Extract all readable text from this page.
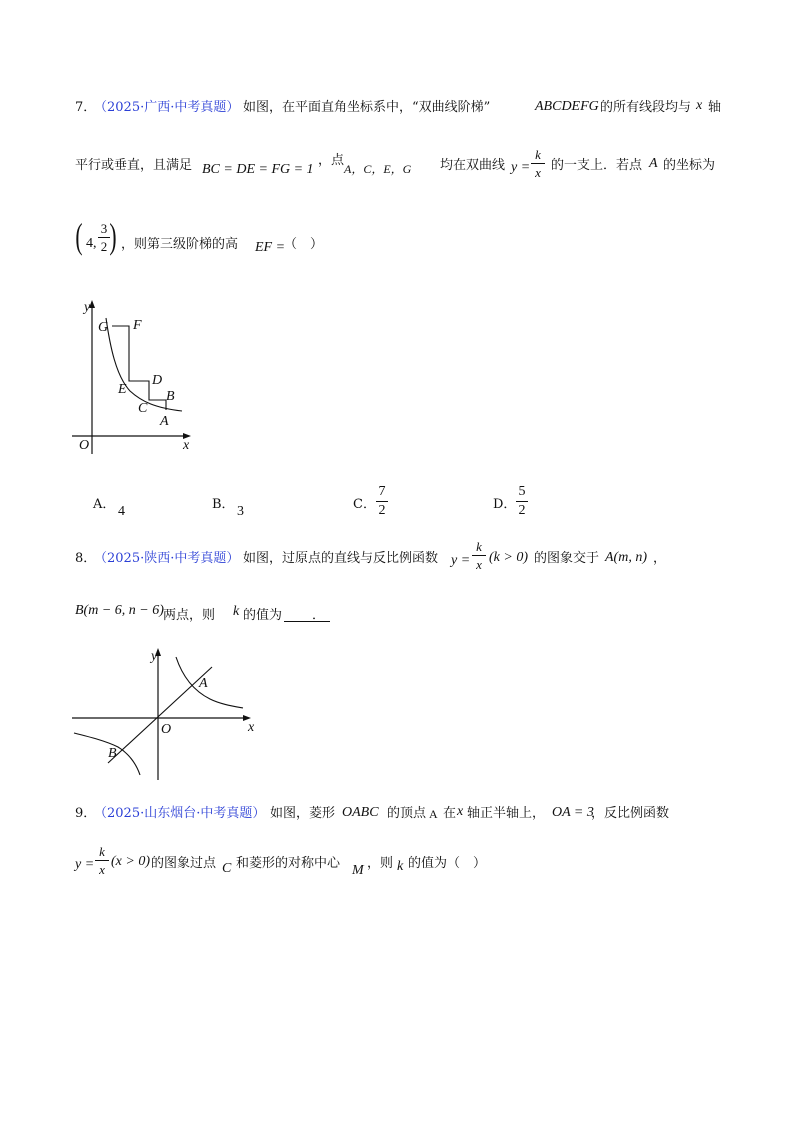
7．
（2025·广西·中考真题） 如图，在平面直角坐标系中，“双曲线阶梯”	ABCDEFG 的所有线段均与 x 轴
平行或垂直，且满足 BC = DE = FG = 1
，点
A，C，E，G 均在双曲线 y =
k
x 的一支上．若点 A 的坐标为
( 4,
3
2 ) ，则第三级阶梯的高 EF =
（　）
y
x
O
G F
E
D
C
B
A
A． 4	B． 3	C．
7
2	D．
5
2
8．
（2025·陕西·中考真题） 如图，过原点的直线与反比例函数 y =
k
x (k > 0) 的图象交于 A(m, n) ，
B(m − 6, n − 6) 两点，则 k 的值为 ．
y
x
O
A
B
9．
（2025·山东烟台·中考真题） 如图，菱形 OABC 的顶点 A 在 x 轴正半轴上， OA = 3
，反比例函数
y =
k
x
(x > 0) 的图象过点 C 和菱形的对称中心 M ，则 k 的值为（　）
